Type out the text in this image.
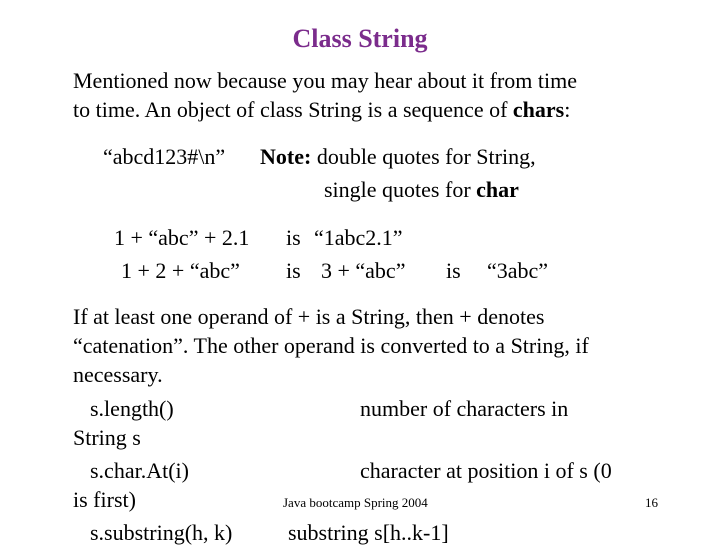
Class String
Mentioned now because you may hear about it from time
to time. An object of class String is a sequence of chars:
“abcd123#\n” Note: double quotes for String,
single quotes for char
1 + “abc” + 2.1 is “1abc2.1”
1 + 2 + “abc” is 3 + “abc” is “3abc”
If at least one operand of + is a String, then + denotes
“catenation”. The other operand is converted to a String, if
necessary.
s.length()	number of characters in
String s
s.char.At(i)	character at position i of s (0
is first)
s.substring(h, k)	substring s[h..k-1]
Java bootcamp Spring 2004	16
